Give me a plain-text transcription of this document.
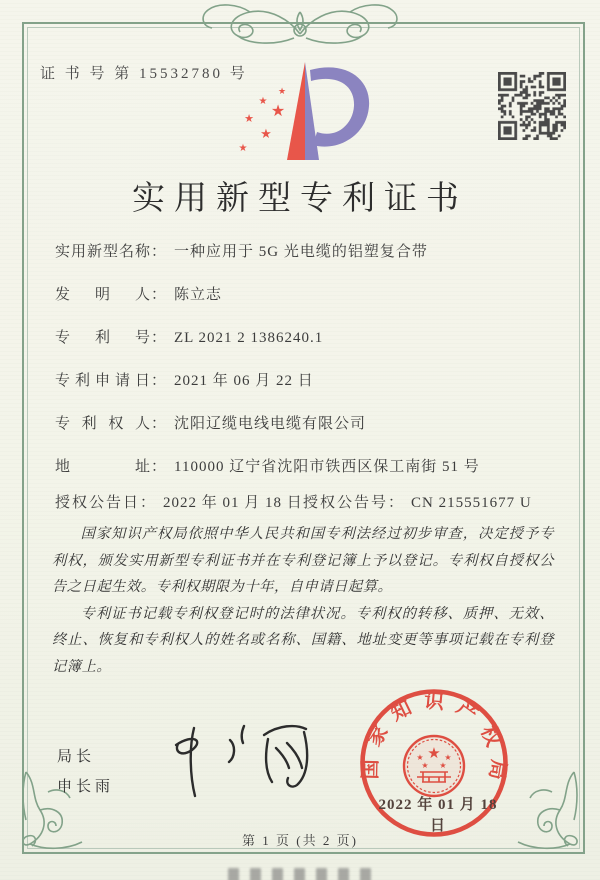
证 书 号 第 15532780 号
★
★
★
★
★
★
实用新型专利证书
实用新型名称 ： 一种应用于 5G 光电缆的铝塑复合带
发明人 ： 陈立志
专利号 ： ZL 2021 2 1386240.1
专利申请日 ： 2021 年 06 月 22 日
专利权人 ： 沈阳辽缆电线电缆有限公司
地址 ： 110000 辽宁省沈阳市铁西区保工南街 51 号
授权公告日 ： 2022 年 01 月 18 日 授权公告号 ： CN 215551677 U

国家知识产权局依照中华人民共和国专利法经过初步审查，决定授予专利权，颁发实用新型专利证书并在专利登记簿上予以登记。专利权自授权公告之日起生效。专利权期限为十年，自申请日起算。

专利证书记载专利权登记时的法律状况。专利权的转移、质押、无效、终止、恢复和专利权人的姓名或名称、国籍、地址变更等事项记载在专利登记簿上。

局长
申长雨
国家知识产权局
★
★	★
★ ★
2022 年 01 月 18 日
第 1 页 (共 2 页)
